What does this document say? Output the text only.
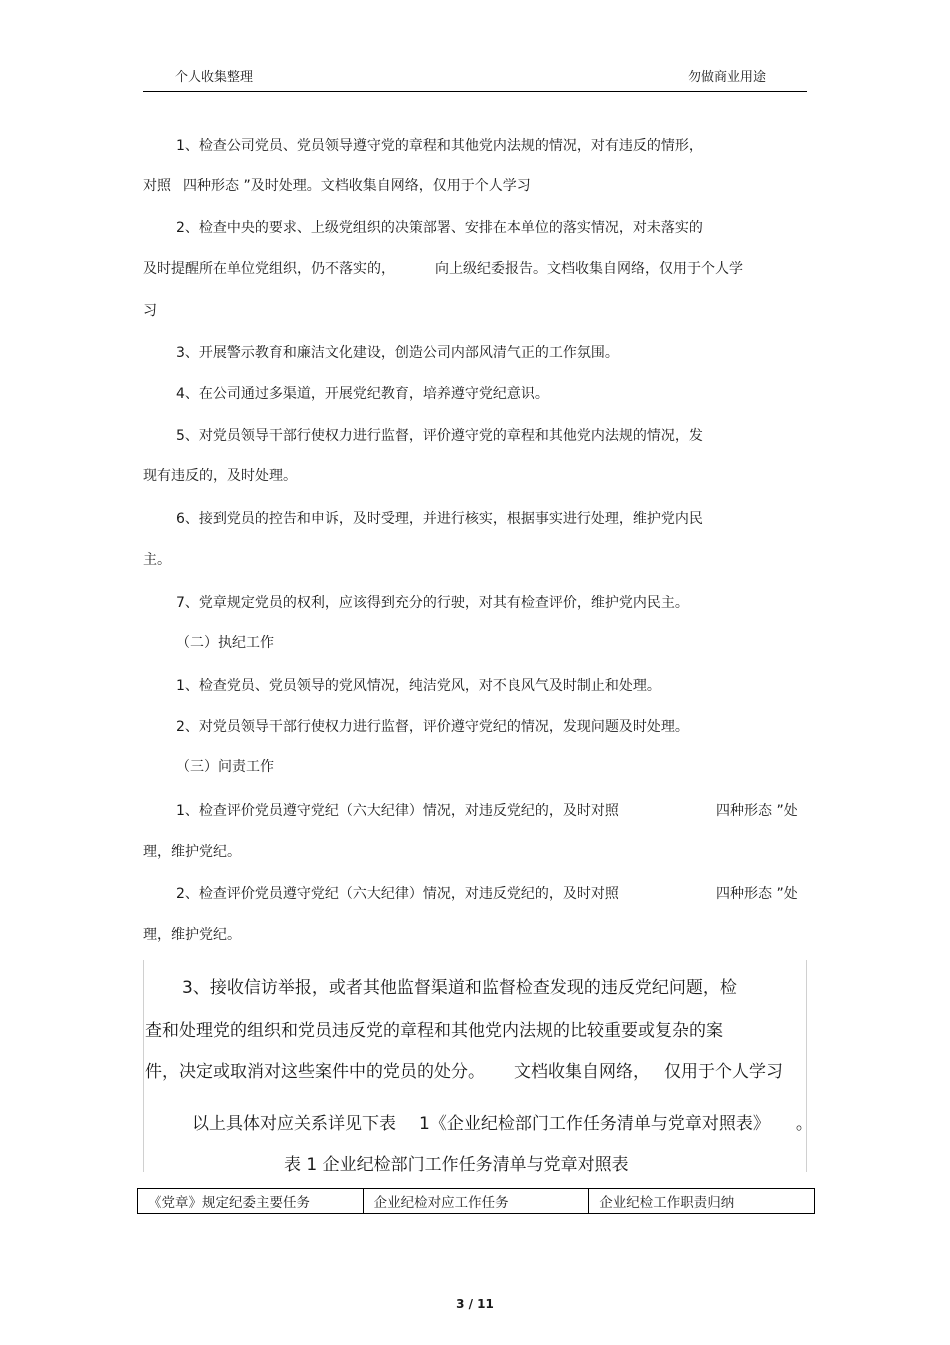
个人收集整理	勿做商业用途
1、检查公司党员、党员领导遵守党的章程和其他党内法规的情况，对有违反的情形，
对照 四种形态 ”及时处理。文档收集自网络，仅用于个人学习
2、检查中央的要求、上级党组织的决策部署、安排在本单位的落实情况，对未落实的
及时提醒所在单位党组织，仍不落实的，	向上级纪委报告。文档收集自网络，仅用于个人学
习
3、开展警示教育和廉洁文化建设，创造公司内部风清气正的工作氛围。
4、在公司通过多渠道，开展党纪教育，培养遵守党纪意识。
5、对党员领导干部行使权力进行监督，评价遵守党的章程和其他党内法规的情况，发
现有违反的，及时处理。
6、接到党员的控告和申诉，及时受理，并进行核实，根据事实进行处理，维护党内民
主。
7、党章规定党员的权利，应该得到充分的行驶，对其有检查评价，维护党内民主。
（二）执纪工作
1、检查党员、党员领导的党风情况，纯洁党风，对不良风气及时制止和处理。
2、对党员领导干部行使权力进行监督，评价遵守党纪的情况，发现问题及时处理。
（三）问责工作
1、检查评价党员遵守党纪（六大纪律）情况，对违反党纪的，及时对照	四种形态 ”处
理，维护党纪。
2、检查评价党员遵守党纪（六大纪律）情况，对违反党纪的，及时对照	四种形态 ”处
理，维护党纪。
3、接收信访举报，或者其他监督渠道和监督检查发现的违反党纪问题，检
查和处理党的组织和党员违反党的章程和其他党内法规的比较重要或复杂的案
件，决定或取消对这些案件中的党员的处分。 文档收集自网络， 仅用于个人学习
以上具体对应关系详见下表 1《企业纪检部门工作任务清单与党章对照表》 。
表 1 企业纪检部门工作任务清单与党章对照表
《党章》规定纪委主要任务	企业纪检对应工作任务	企业纪检工作职责归纳
3 / 11
